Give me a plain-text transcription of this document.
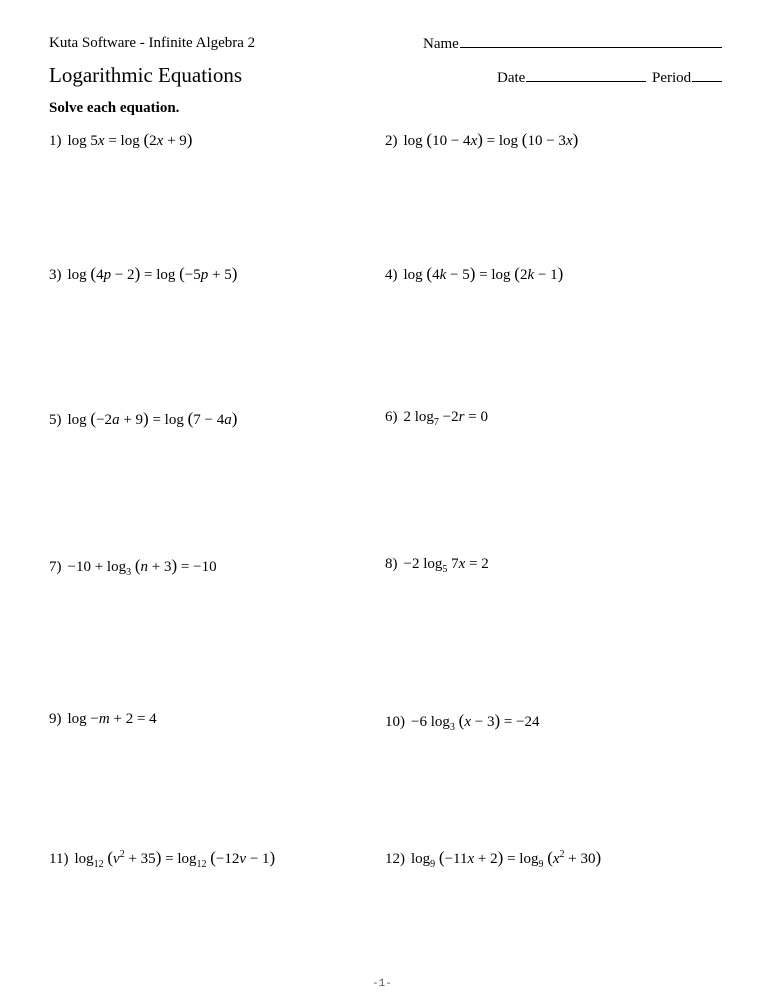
Kuta Software - Infinite Algebra 2	Name
Logarithmic Equations	Date	Period
Solve each equation.
1) log 5x = log (2x + 9)	2) log (10 − 4x) = log (10 − 3x)
3) log (4p − 2) = log (−5p + 5)	4) log (4k − 5) = log (2k − 1)
5) log (−2a + 9) = log (7 − 4a)	6) 2 $\log_7 -2r = 0$
$7) -10 + \log_3 (n + 3) = -10$	8) −2 $\log_5 7x = 2$
9) log −m + 2 = 4	10) −6 $\log_3 (x - 3) = -24$
11) $\log_{12} (v^2 + 35) = \log_{12} (-12v - 1)$	12) $\log_9 (-11x + 2) = \log_9 (x^2 + 30)$
-1-
